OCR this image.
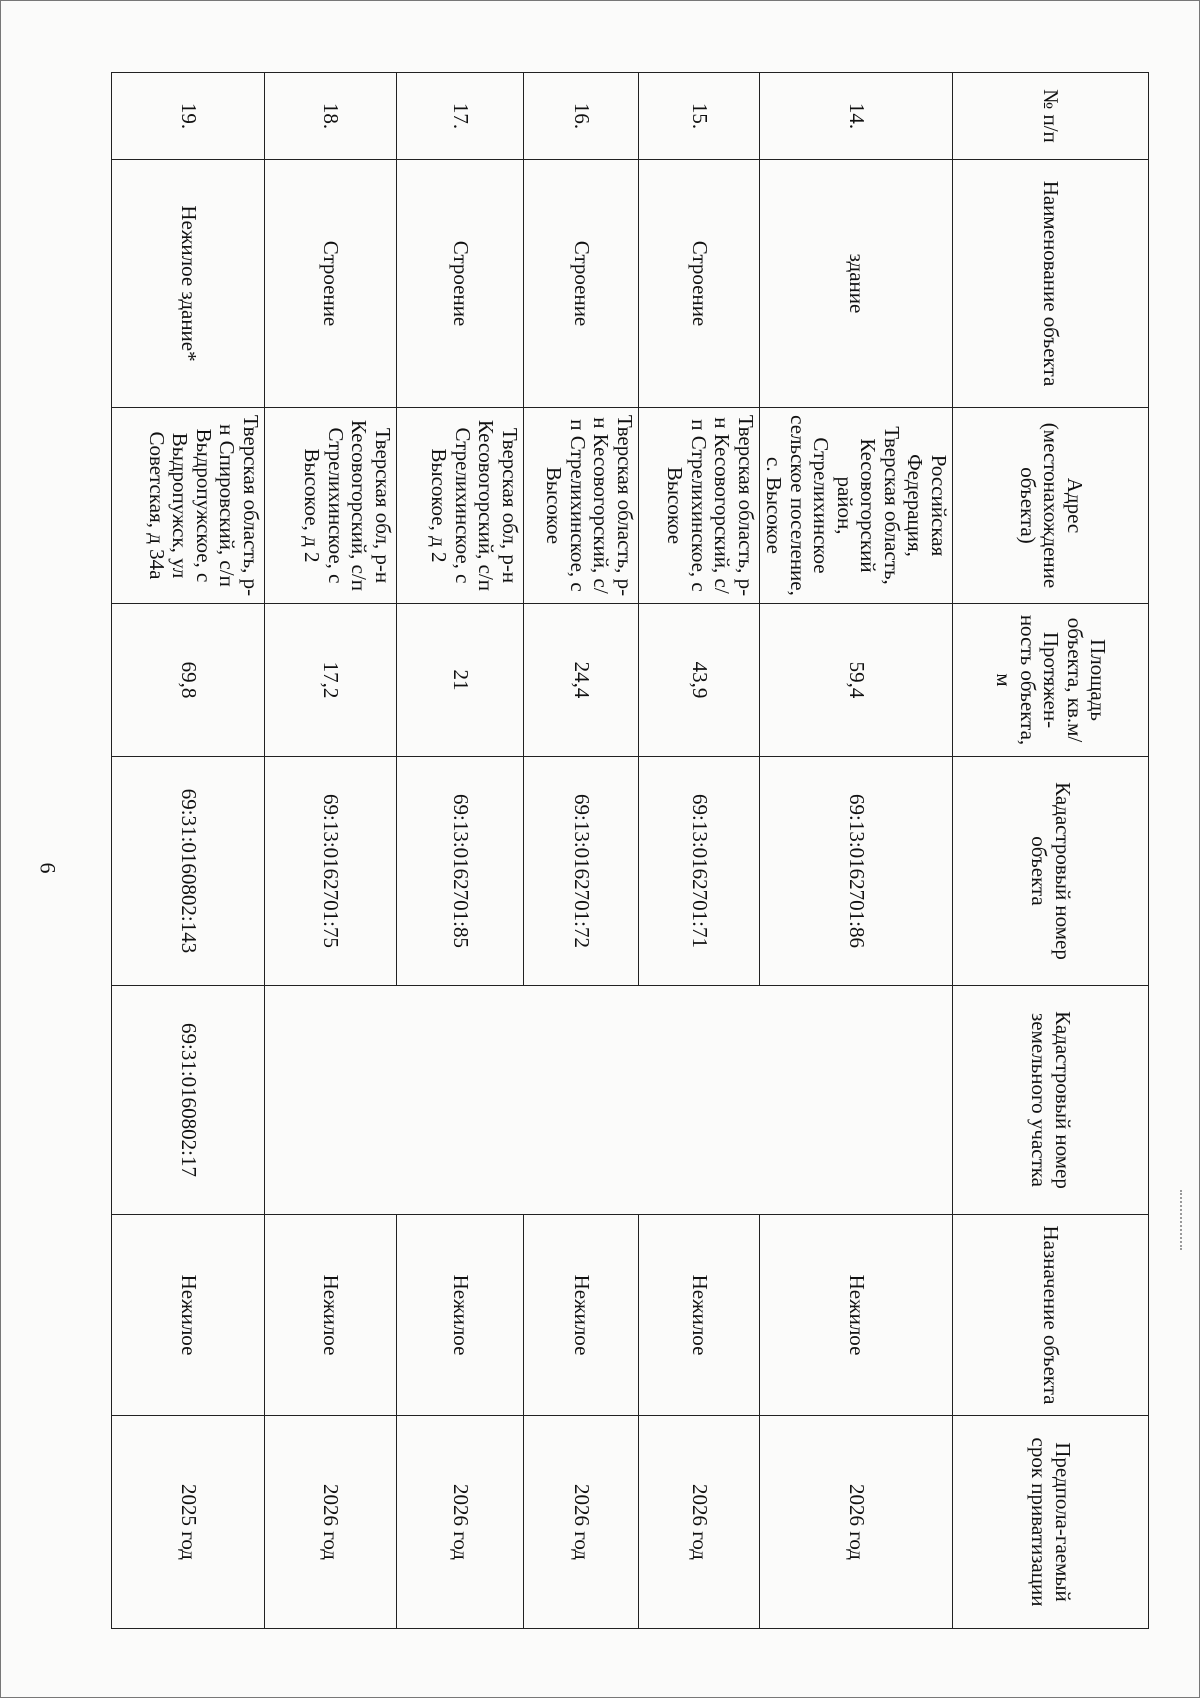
6
№ п/п	Наименование объекта	Адрес (местонахождение объекта)	Площадь объекта, кв.м/ Протяжен-ность объекта, м	Кадастровый номер объекта	Кадастровый номер земельного участка	Назначение объекта	Предпола-гаемый срок приватизации
14.	здание	Российская Федерация, Тверская область, Кесовогорский район, Стрелихинское сельское поселение, с. Высокое	59,4	69:13:0162701:86		Нежилое	2026 год
15.	Строение	Тверская область, р-н Кесовогорский, с/п Стрелихинское, с Высокое	43,9	69:13:0162701:71		Нежилое	2026 год
16.	Строение	Тверская область, р-н Кесовогорский, с/п Стрелихинское, с Высокое	24,4	69:13:0162701:72		Нежилое	2026 год
17.	Строение	Тверская обл, р-н Кесовогорский, с/п Стрелихинское, с Высокое, д 2	21	69:13:0162701:85		Нежилое	2026 год
18.	Строение	Тверская обл, р-н Кесовогорский, с/п Стрелихинское, с Высокое, д 2	17,2	69:13:0162701:75		Нежилое	2026 год
19.	Нежилое здание*	Тверская область, р-н Спировский, с/п Выдропужское, с Выдропужск, ул Советская, д 34а	69,8	69:31:0160802:143	69:31:0160802:17	Нежилое	2025 год
